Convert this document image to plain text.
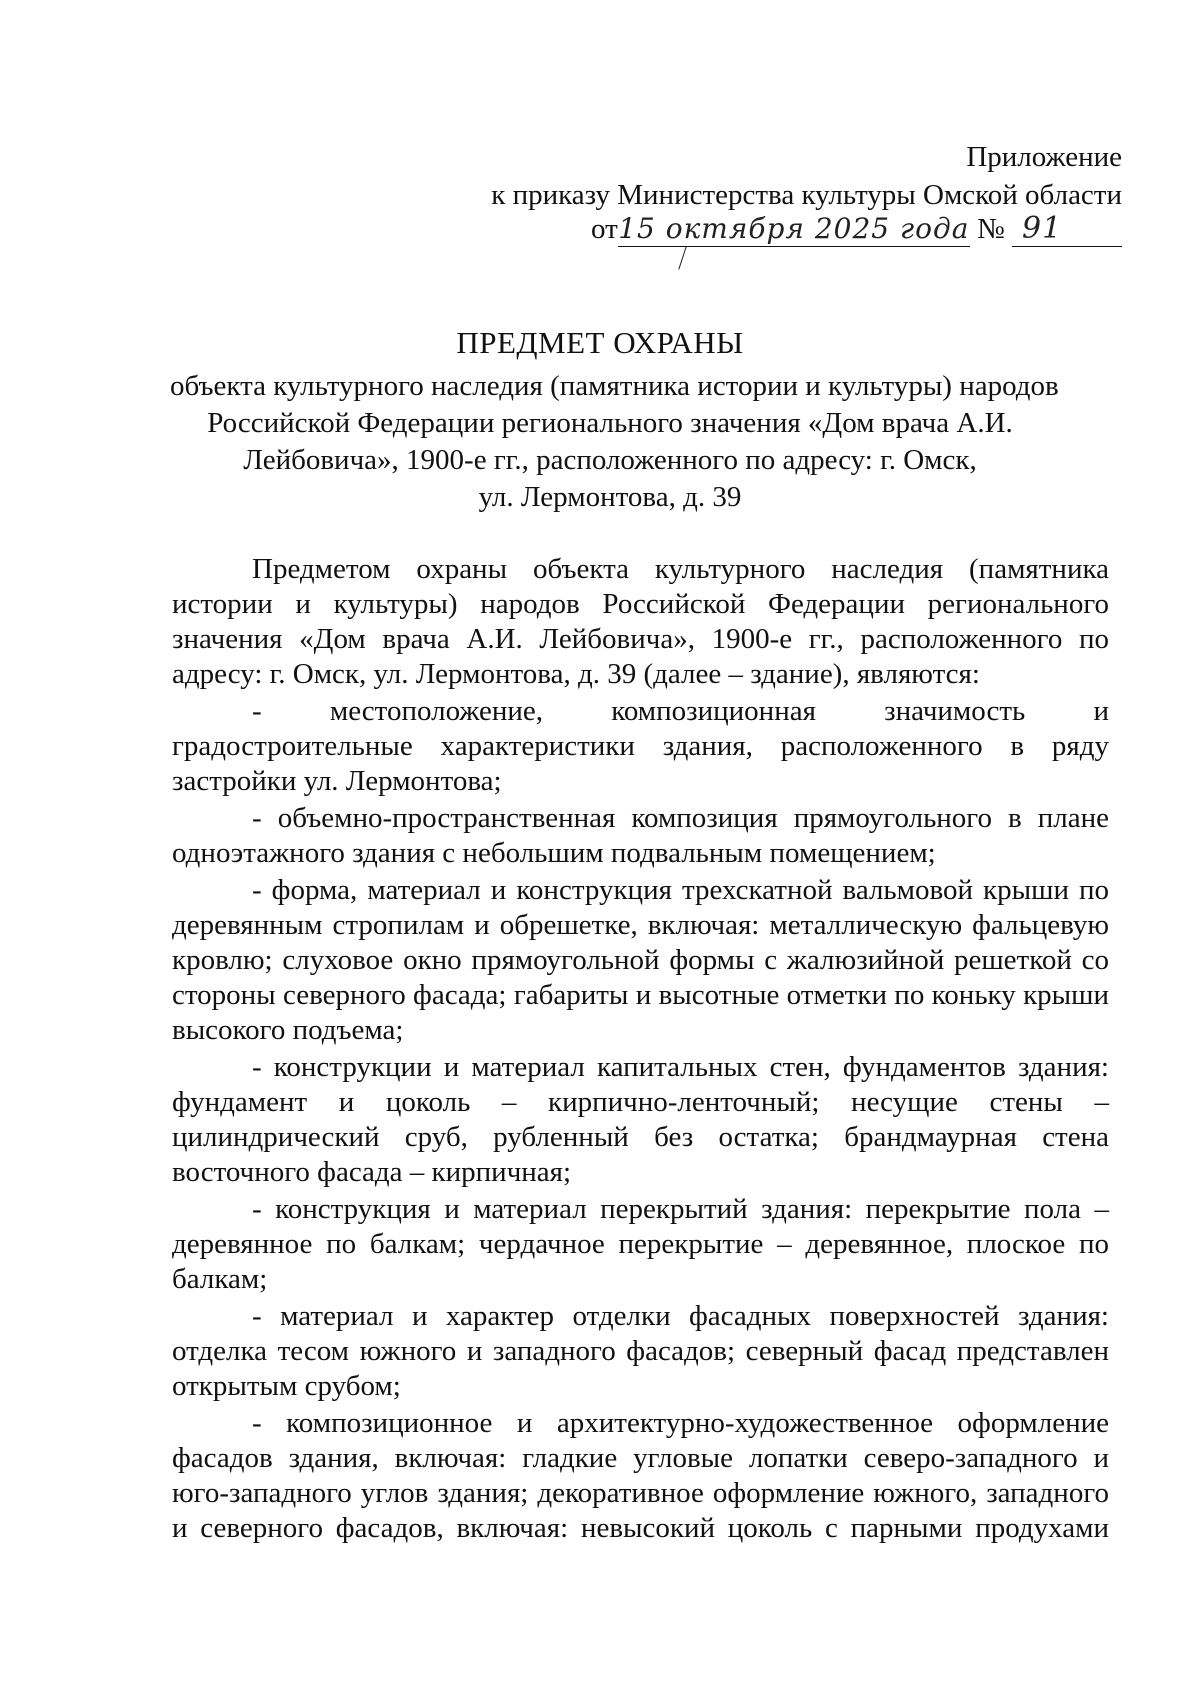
Приложение
к приказу Министерства культуры Омской области
от15 октября 2025 года № 91
ПРЕДМЕТ ОХРАНЫ
объекта культурного наследия (памятника истории и культуры) народов
Российской Федерации регионального значения «Дом врача А.И.
Лейбовича», 1900-е гг., расположенного по адресу: г. Омск,
ул. Лермонтова, д. 39

Предметом охраны объекта культурного наследия (памятника истории и культуры) народов Российской Федерации регионального значения «Дом врача А.И. Лейбовича», 1900-е гг., расположенного по адресу: г. Омск, ул. Лермонтова, д. 39 (далее – здание), являются:

- местоположение, композиционная значимость и градостроительные характеристики здания, расположенного в ряду застройки ул. Лермонтова;

- объемно-пространственная композиция прямоугольного в плане одноэтажного здания с небольшим подвальным помещением;

- форма, материал и конструкция трехскатной вальмовой крыши по деревянным стропилам и обрешетке, включая: металлическую фальцевую кровлю; слуховое окно прямоугольной формы с жалюзийной решеткой со стороны северного фасада; габариты и высотные отметки по коньку крыши высокого подъема;

- конструкции и материал капитальных стен, фундаментов здания: фундамент и цоколь – кирпично-ленточный; несущие стены – цилиндрический сруб, рубленный без остатка; брандмаурная стена восточного фасада – кирпичная;

- конструкция и материал перекрытий здания: перекрытие пола – деревянное по балкам; чердачное перекрытие – деревянное, плоское по балкам;

- материал и характер отделки фасадных поверхностей здания: отделка тесом южного и западного фасадов; северный фасад представлен открытым срубом;

- композиционное и архитектурно-художественное оформление фасадов здания, включая: гладкие угловые лопатки северо-западного и юго-западного углов здания; декоративное оформление южного, западного и северного фасадов, включая: невысокий цоколь с парными продухами
